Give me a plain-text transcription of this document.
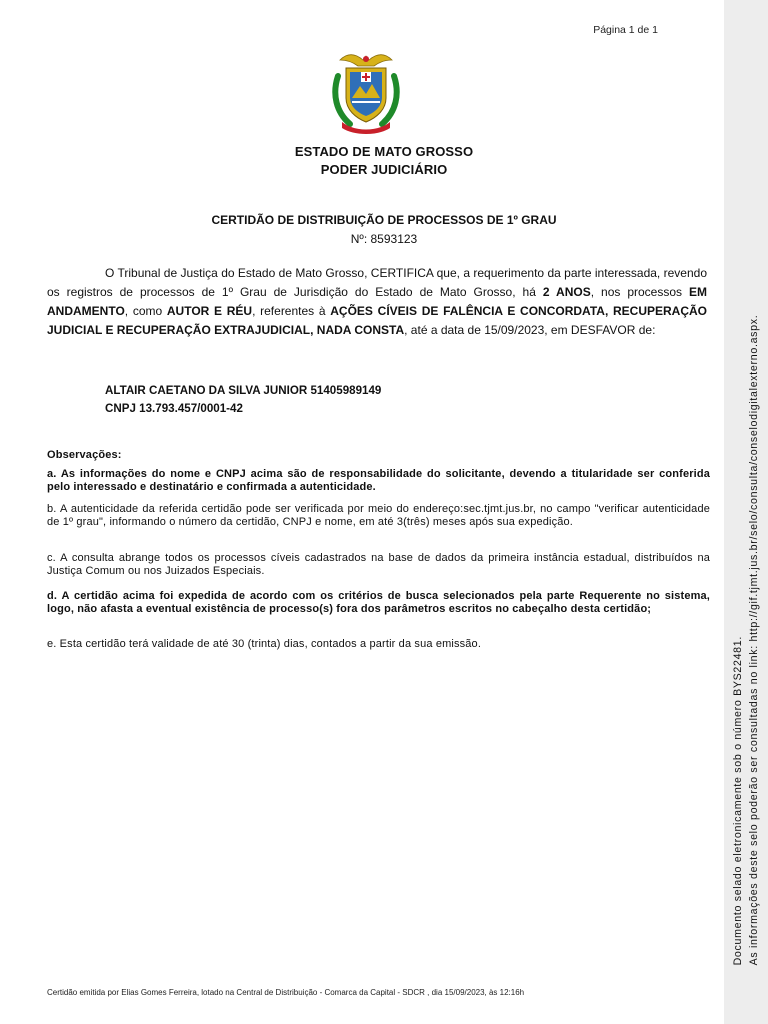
Página 1 de 1
ESTADO DE MATO GROSSO
PODER JUDICIÁRIO
CERTIDÃO DE DISTRIBUIÇÃO DE PROCESSOS DE 1º GRAU
Nº: 8593123
O Tribunal de Justiça do Estado de Mato Grosso, CERTIFICA que, a requerimento da parte interessada, revendo os registros de processos de 1º Grau de Jurisdição do Estado de Mato Grosso, há 2 ANOS, nos processos EM ANDAMENTO, como AUTOR E RÉU, referentes à AÇÕES CÍVEIS DE FALÊNCIA E CONCORDATA, RECUPERAÇÃO JUDICIAL E RECUPERAÇÃO EXTRAJUDICIAL, NADA CONSTA, até a data de 15/09/2023, em DESFAVOR de:
ALTAIR CAETANO DA SILVA JUNIOR 51405989149
CNPJ 13.793.457/0001-42
Observações:
a. As informações do nome e CNPJ acima são de responsabilidade do solicitante, devendo a titularidade ser conferida pelo interessado e destinatário e confirmada a autenticidade.
b. A autenticidade da referida certidão pode ser verificada por meio do endereço:sec.tjmt.jus.br, no campo "verificar autenticidade de 1º grau", informando o número da certidão, CNPJ e nome, em até 3(três) meses após sua expedição.
c. A consulta abrange todos os processos cíveis cadastrados na base de dados da primeira instância estadual, distribuídos na Justiça Comum ou nos Juizados Especiais.
d. A certidão acima foi expedida de acordo com os critérios de busca selecionados pela parte Requerente no sistema, logo, não afasta a eventual existência de processo(s) fora dos parâmetros escritos no cabeçalho desta certidão;
e. Esta certidão terá validade de até 30 (trinta) dias, contados a partir da sua emissão.
Certidão emitida por Elias Gomes Ferreira, lotado na Central de Distribuição - Comarca da Capital - SDCR , dia 15/09/2023, às 12:16h
Documento selado eletronicamente sob o número BYS22481. As informações deste selo poderão ser consultadas no link: http://gif.tjmt.jus.br/selo/consulta/conselodigitalexterno.aspx.
